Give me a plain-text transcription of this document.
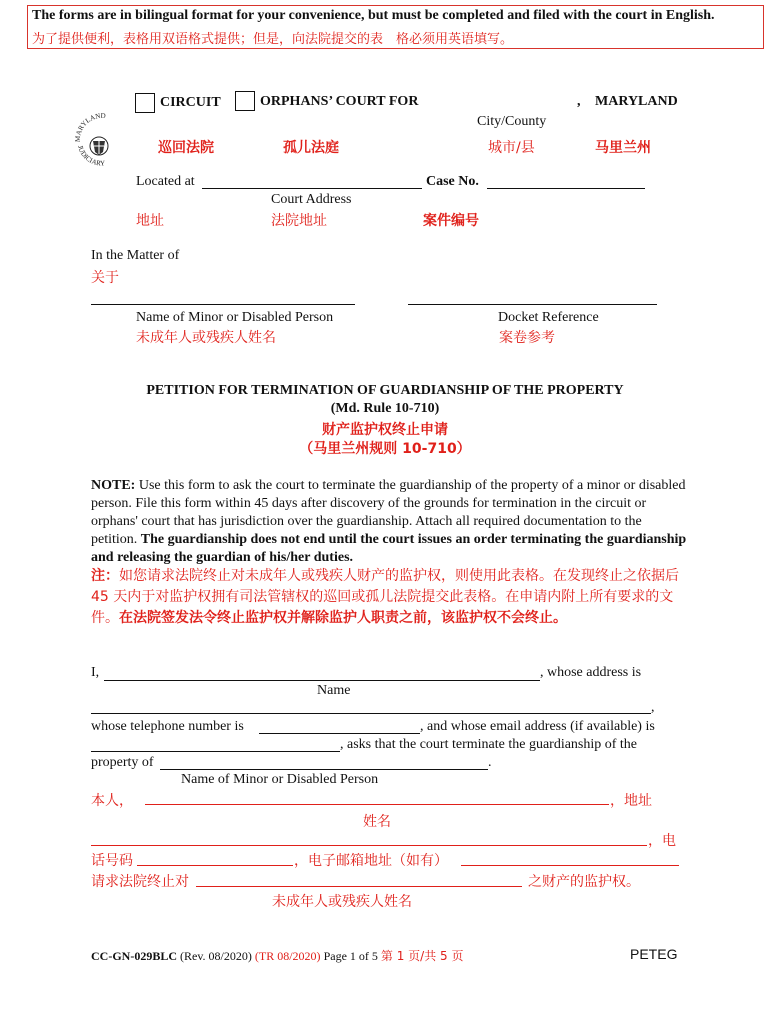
The forms are in bilingual format for your convenience, but must be completed and filed with the court in English.
为了提供便利，表格用双语格式提供；但是，向法院提交的表　格必须用英语填写。
MARYLAND
JUDICIARY
CIRCUIT	ORPHANS’ COURT FOR	, MARYLAND
City/County
巡回法院	孤儿法庭	城市/县	马里兰州
Located at	Case No.
Court Address
地址	法院地址	案件编号
In the Matter of
关于
Name of Minor or Disabled Person	Docket Reference
未成年人或残疾人姓名	案卷参考
PETITION FOR TERMINATION OF GUARDIANSHIP OF THE PROPERTY
(Md. Rule 10-710)
财产监护权终止申请
（马里兰州规则 10-710）
NOTE: Use this form to ask the court to terminate the guardianship of the property of a minor or disabled person. File this form within 45 days after discovery of the grounds for termination in the circuit or orphans' court that has jurisdiction over the guardianship. Attach all required documentation to the petition. The guardianship does not end until the court issues an order terminating the guardianship and releasing the guardian of his/her duties.
注：如您请求法院终止对未成年人或残疾人财产的监护权，则使用此表格。在发现终止之依据后 45 天内于对监护权拥有司法管辖权的巡回或孤儿法院提交此表格。在申请内附上所有要求的文件。在法院签发法令终止监护权并解除监护人职责之前，该监护权不会终止。
I,	, whose address is
Name
,
whose telephone number is	, and whose email address (if available) is
, asks that the court terminate the guardianship of the
property of	.
Name of Minor or Disabled Person
本人，	，地址
姓名
，电
话号码	，电子邮箱地址（如有）
请求法院终止对	之财产的监护权。
未成年人或残疾人姓名
CC-GN-029BLC (Rev. 08/2020) (TR 08/2020) Page 1 of 5 第 1 页/共 5 页	PETEG
